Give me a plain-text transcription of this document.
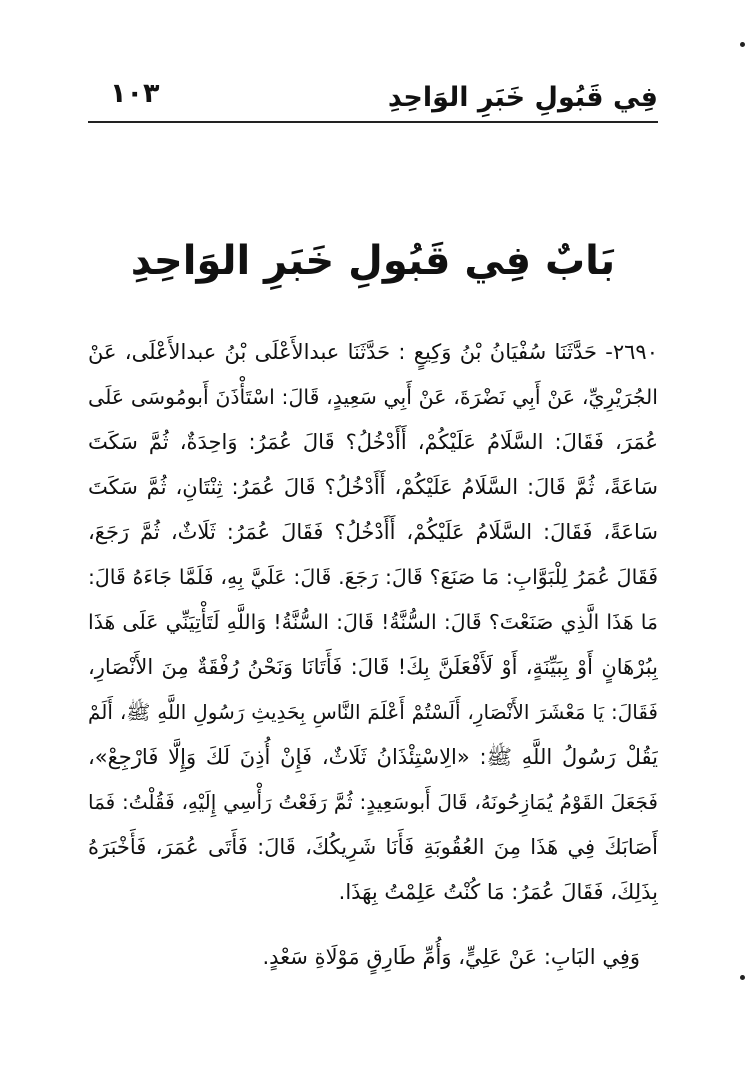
فِي قَبُولِ خَبَرِ الوَاحِدِ
١٠٣
بَابٌ فِي قَبُولِ خَبَرِ الوَاحِدِ
٢٦٩٠- حَدَّثَنَا سُفْيَانُ بْنُ وَكِيعٍ : حَدَّثَنَا عبدالأَعْلَى بْنُ عبدالأَعْلَى، عَنْ
الجُرَيْرِيِّ، عَنْ أَبِي نَضْرَةَ، عَنْ أَبِي سَعِيدٍ، قَالَ: اسْتَأْذَنَ أَبومُوسَى عَلَى
عُمَرَ، فَقَالَ: السَّلَامُ عَلَيْكُمْ، أَأَدْخُلُ؟ قَالَ عُمَرُ: وَاحِدَةٌ، ثُمَّ سَكَتَ
سَاعَةً، ثُمَّ قَالَ: السَّلَامُ عَلَيْكُمْ، أَأَدْخُلُ؟ قَالَ عُمَرُ: ثِنْتَانِ، ثُمَّ سَكَتَ
سَاعَةً، فَقَالَ: السَّلَامُ عَلَيْكُمْ، أَأَدْخُلُ؟ فَقَالَ عُمَرُ: ثَلَاثٌ، ثُمَّ رَجَعَ،
فَقَالَ عُمَرُ لِلْبَوَّابِ: مَا صَنَعَ؟ قَالَ: رَجَعَ. قَالَ: عَلَيَّ بِهِ، فَلَمَّا جَاءَهُ قَالَ:
مَا هَذَا الَّذِي صَنَعْتَ؟ قَالَ: السُّنَّةُ! قَالَ: السُّنَّةُ! وَاللَّهِ لَتَأْتِيَنِّي عَلَى هَذَا
بِبُرْهَانٍ أَوْ بِبَيِّنَةٍ، أَوْ لَأَفْعَلَنَّ بِكَ! قَالَ: فَأَتَانَا وَنَحْنُ رُفْقَةٌ مِنَ الأَنْصَارِ،
فَقَالَ: يَا مَعْشَرَ الأَنْصَارِ، أَلَسْتُمْ أَعْلَمَ النَّاسِ بِحَدِيثِ رَسُولِ اللَّهِ ﷺ، أَلَمْ
يَقُلْ رَسُولُ اللَّهِ ﷺ: «الِاسْتِئْذَانُ ثَلَاثٌ، فَإِنْ أُذِنَ لَكَ وَإِلَّا فَارْجِعْ»،
فَجَعَلَ القَوْمُ يُمَازِحُونَهُ، قَالَ أَبوسَعِيدٍ: ثُمَّ رَفَعْتُ رَأْسِي إِلَيْهِ، فَقُلْتُ: فَمَا
أَصَابَكَ فِي هَذَا مِنَ العُقُوبَةِ فَأَنَا شَرِيكُكَ، قَالَ: فَأَتَى عُمَرَ، فَأَخْبَرَهُ
بِذَلِكَ، فَقَالَ عُمَرُ: مَا كُنْتُ عَلِمْتُ بِهَذَا.
وَفِي البَابِ: عَنْ عَلِيٍّ، وَأُمِّ طَارِقٍ مَوْلَاةِ سَعْدٍ.
